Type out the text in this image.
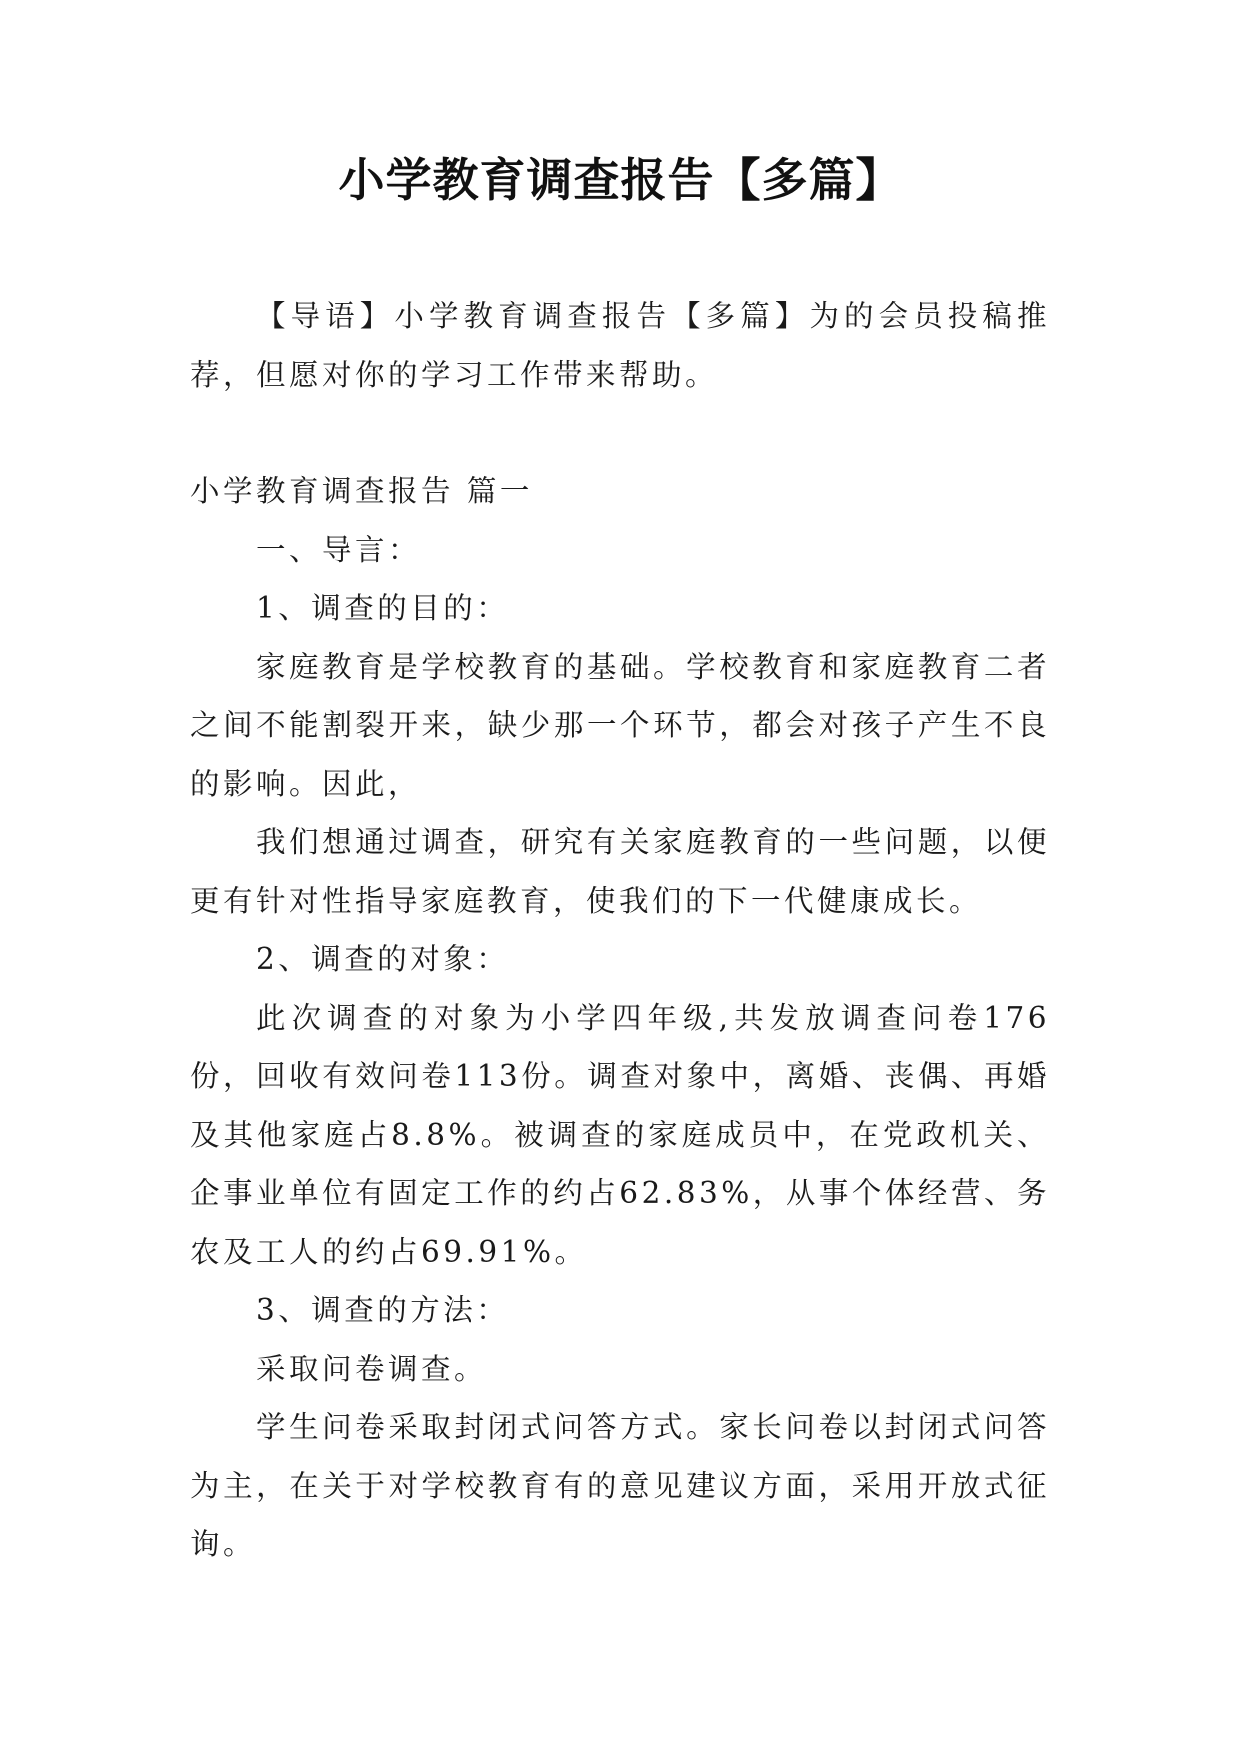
小学教育调查报告【多篇】

【导语】小学教育调查报告【多篇】为的会员投稿推荐，但愿对你的学习工作带来帮助。

小学教育调查报告 篇一

一、导言：

1、调查的目的：

家庭教育是学校教育的基础。学校教育和家庭教育二者之间不能割裂开来，缺少那一个环节，都会对孩子产生不良的影响。因此，

我们想通过调查，研究有关家庭教育的一些问题，以便更有针对性指导家庭教育，使我们的下一代健康成长。

2、调查的对象：

此次调查的对象为小学四年级,共发放调查问卷176份，回收有效问卷113份。调查对象中，离婚、丧偶、再婚及其他家庭占8.8%。被调查的家庭成员中，在党政机关、企事业单位有固定工作的约占62.83%，从事个体经营、务农及工人的约占69.91%。

3、调查的方法：

采取问卷调查。

学生问卷采取封闭式问答方式。家长问卷以封闭式问答为主，在关于对学校教育有的意见建议方面，采用开放式征询。
